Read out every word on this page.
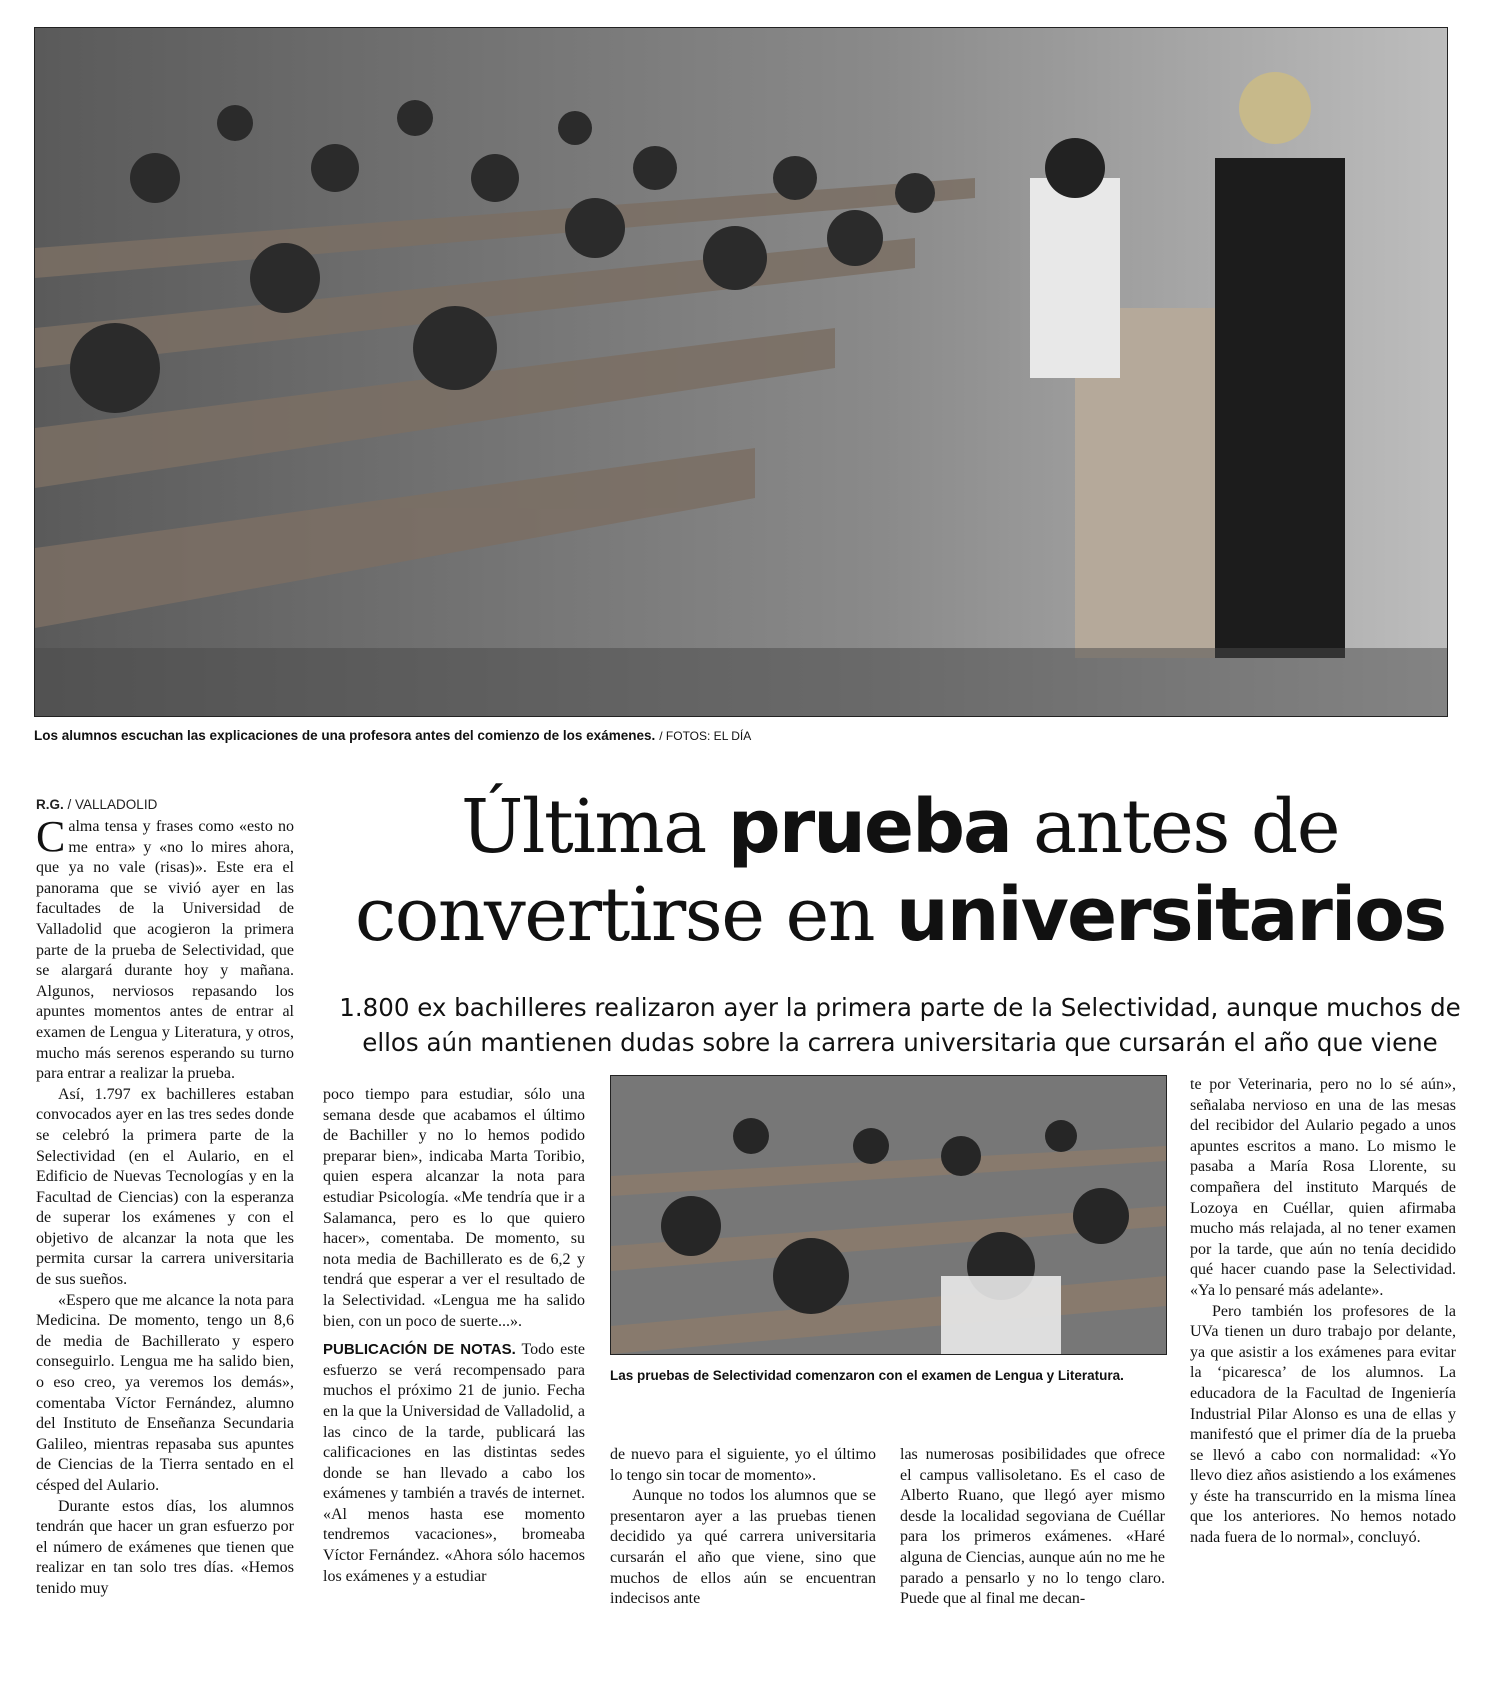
Los alumnos escuchan las explicaciones de una profesora antes del comienzo de los exámenes. / FOTOS: EL DÍA
R.G. / VALLADOLID	Última prueba antes de
convertirse en universitarios
1.800 ex bachilleres realizaron ayer la primera parte de la Selectividad, aunque muchos de
ellos aún mantienen dudas sobre la carrera universitaria que cursarán el año que viene
Las pruebas de Selectividad comenzaron con el examen de Lengua y Literatura.

Calma tensa y frases como «esto no me entra» y «no lo mires ahora, que ya no vale (risas)». Este era el panorama que se vivió ayer en las facultades de la Universidad de Valladolid que acogieron la primera parte de la prueba de Selectividad, que se alargará durante hoy y mañana. Algunos, nerviosos repasando los apuntes momentos antes de entrar al examen de Lengua y Literatura, y otros, mucho más serenos esperando su turno para entrar a realizar la prueba.

Así, 1.797 ex bachilleres estaban convocados ayer en las tres sedes donde se celebró la primera parte de la Selectividad (en el Aulario, en el Edificio de Nuevas Tecnologías y en la Facultad de Ciencias) con la esperanza de superar los exámenes y con el objetivo de alcanzar la nota que les permita cursar la carrera universitaria de sus sueños.

«Espero que me alcance la nota para Medicina. De momento, tengo un 8,6 de media de Bachillerato y espero conseguirlo. Lengua me ha salido bien, o eso creo, ya veremos los demás», comentaba Víctor Fernández, alumno del Instituto de Enseñanza Secundaria Galileo, mientras repasaba sus apuntes de Ciencias de la Tierra sentado en el césped del Aulario.

Durante estos días, los alumnos tendrán que hacer un gran esfuerzo por el número de exámenes que tienen que realizar en tan solo tres días. «Hemos tenido muy

poco tiempo para estudiar, sólo una semana desde que acabamos el último de Bachiller y no lo hemos podido preparar bien», indicaba Marta Toribio, quien espera alcanzar la nota para estudiar Psicología. «Me tendría que ir a Salamanca, pero es lo que quiero hacer», comentaba. De momento, su nota media de Bachillerato es de 6,2 y tendrá que esperar a ver el resultado de la Selectividad. «Lengua me ha salido bien, con un poco de suerte...».

PUBLICACIÓN DE NOTAS. Todo este esfuerzo se verá recompensado para muchos el próximo 21 de junio. Fecha en la que la Universidad de Valladolid, a las cinco de la tarde, publicará las calificaciones en las distintas sedes donde se han llevado a cabo los exámenes y también a través de internet. «Al menos hasta ese momento tendremos vacaciones», bromeaba Víctor Fernández. «Ahora sólo hacemos los exámenes y a estudiar

de nuevo para el siguiente, yo el último lo tengo sin tocar de momento».

Aunque no todos los alumnos que se presentaron ayer a las pruebas tienen decidido ya qué carrera universitaria cursarán el año que viene, sino que muchos de ellos aún se encuentran indecisos ante

las numerosas posibilidades que ofrece el campus vallisoletano. Es el caso de Alberto Ruano, que llegó ayer mismo desde la localidad segoviana de Cuéllar para los primeros exámenes. «Haré alguna de Ciencias, aunque aún no me he parado a pensarlo y no lo tengo claro. Puede que al final me decan-

te por Veterinaria, pero no lo sé aún», señalaba nervioso en una de las mesas del recibidor del Aulario pegado a unos apuntes escritos a mano. Lo mismo le pasaba a María Rosa Llorente, su compañera del instituto Marqués de Lozoya en Cuéllar, quien afirmaba mucho más relajada, al no tener examen por la tarde, que aún no tenía decidido qué hacer cuando pase la Selectividad. «Ya lo pensaré más adelante».

Pero también los profesores de la UVa tienen un duro trabajo por delante, ya que asistir a los exámenes para evitar la ‘picaresca’ de los alumnos. La educadora de la Facultad de Ingeniería Industrial Pilar Alonso es una de ellas y manifestó que el primer día de la prueba se llevó a cabo con normalidad: «Yo llevo diez años asistiendo a los exámenes y éste ha transcurrido en la misma línea que los anteriores. No hemos notado nada fuera de lo normal», concluyó.
